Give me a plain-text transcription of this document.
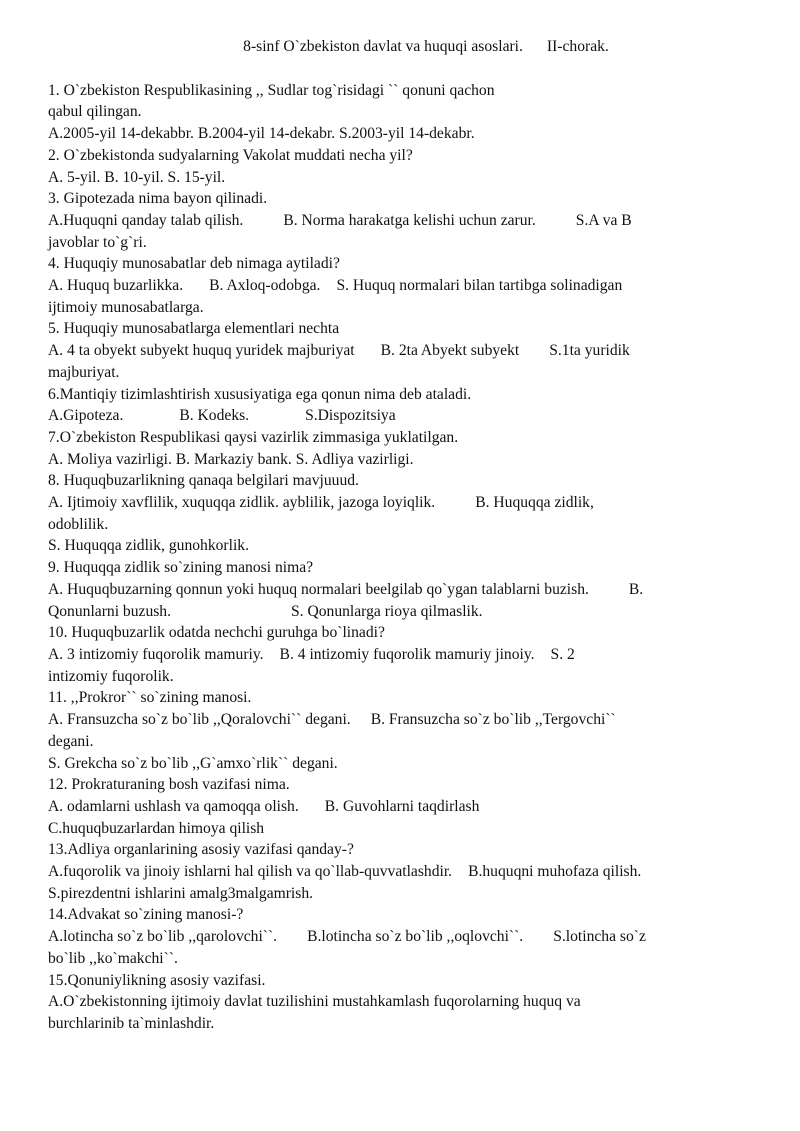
8-sinf O`zbekiston davlat va huquqi asoslari. II-chorak.
1. O`zbekiston Respublikasining ,, Sudlar tog`risidagi `` qonuni qachon
qabul qilingan.
A.2005-yil 14-dekabbr. B.2004-yil 14-dekabr. S.2003-yil 14-dekabr.
2. O`zbekistonda sudyalarning Vakolat muddati necha yil?
A. 5-yil. B. 10-yil. S. 15-yil.
3. Gipotezada nima bayon qilinadi.
A.Huquqni qanday talab qilish.	B. Norma harakatga kelishi uchun zarur.	S.A va B
javoblar to`g`ri.
4. Huquqiy munosabatlar deb nimaga aytiladi?
A. Huquq buzarlikka. B. Axloq-odobga. S. Huquq normalari bilan tartibga solinadigan
ijtimoiy munosabatlarga.
5. Huquqiy munosabatlarga elementlari nechta
A. 4 ta obyekt subyekt huquq yuridek majburiyat B. 2ta Abyekt subyekt S.1ta yuridik
majburiyat.
6.Mantiqiy tizimlashtirish xususiyatiga ega qonun nima deb ataladi.
A.Gipoteza.	B. Kodeks.	S.Dispozitsiya
7.O`zbekiston Respublikasi qaysi vazirlik zimmasiga yuklatilgan.
A. Moliya vazirligi. B. Markaziy bank. S. Adliya vazirligi.
8. Huquqbuzarlikning qanaqa belgilari mavjuuud.
A. Ijtimoiy xavflilik, xuquqqa zidlik. ayblilik, jazoga loyiqlik.	B. Huquqqa zidlik,
odoblilik.
S. Huquqqa zidlik, gunohkorlik.
9. Huquqqa zidlik so`zining manosi nima?
A. Huquqbuzarning qonnun yoki huquq normalari beelgilab qo`ygan talablarni buzish.	B.
Qonunlarni buzush.	S. Qonunlarga rioya qilmaslik.
10. Huquqbuzarlik odatda nechchi guruhga bo`linadi?
A. 3 intizomiy fuqorolik mamuriy. B. 4 intizomiy fuqorolik mamuriy jinoiy. S. 2
intizomiy fuqorolik.
11. ,,Prokror`` so`zining manosi.
A. Fransuzcha so`z bo`lib ,,Qoralovchi`` degani. B. Fransuzcha so`z bo`lib ,,Tergovchi``
degani.
S. Grekcha so`z bo`lib ,,G`amxo`rlik`` degani.
12. Prokraturaning bosh vazifasi nima.
A. odamlarni ushlash va qamoqqa olish. B. Guvohlarni taqdirlash
C.huquqbuzarlardan himoya qilish
13.Adliya organlarining asosiy vazifasi qanday-?
A.fuqorolik va jinoiy ishlarni hal qilish va qo`llab-quvvatlashdir. B.huquqni muhofaza qilish.
S.pirezdentni ishlarini amalg3malgamrish.
14.Advakat so`zining manosi-?
A.lotincha so`z bo`lib ,,qarolovchi``. B.lotincha so`z bo`lib ,,oqlovchi``. S.lotincha so`z
bo`lib ,,ko`makchi``.
15.Qonuniylikning asosiy vazifasi.
A.O`zbekistonning ijtimoiy davlat tuzilishini mustahkamlash fuqorolarning huquq va
burchlarinib ta`minlashdir.
